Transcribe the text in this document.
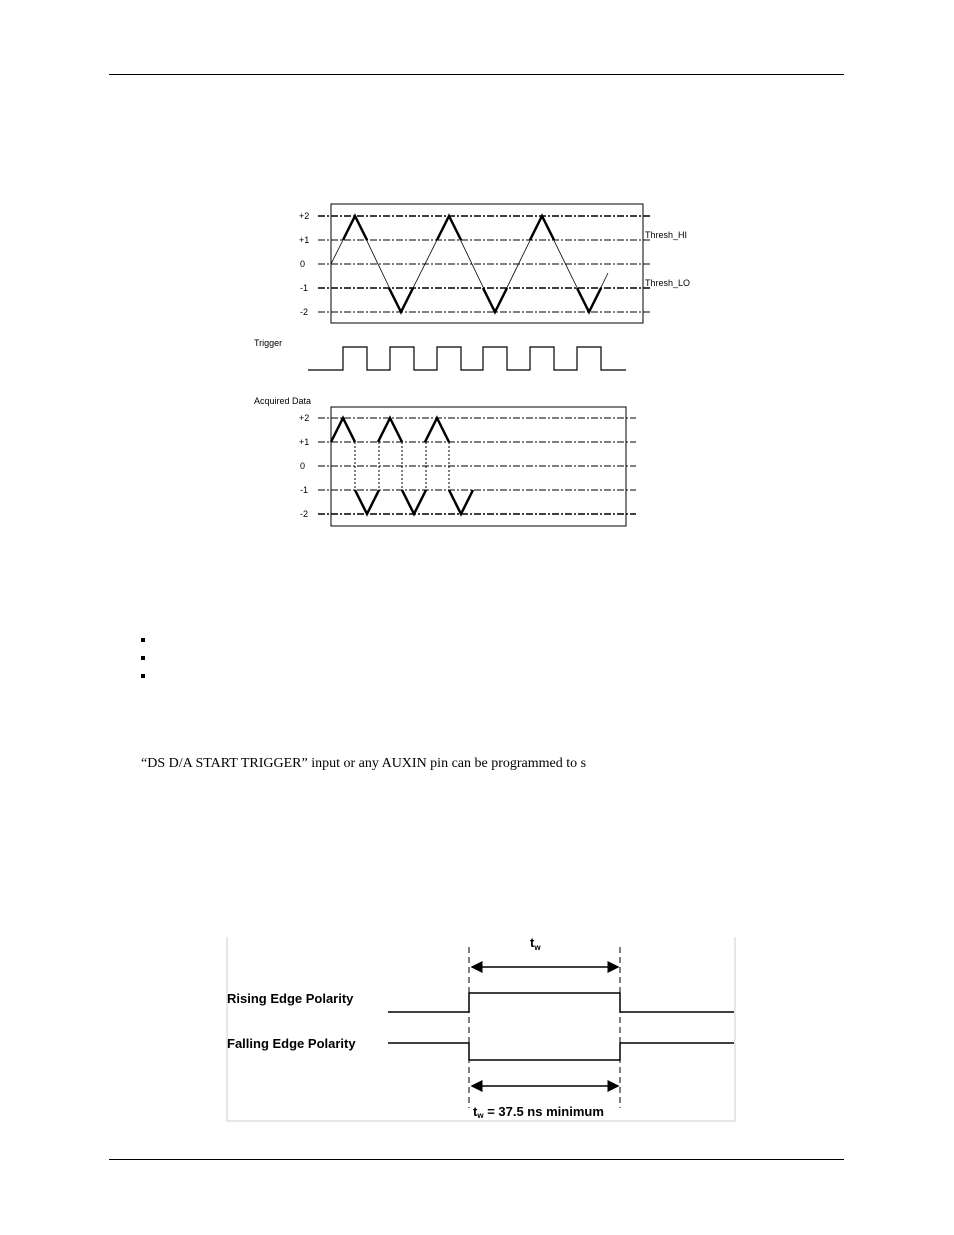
+2
+1
0
-1
-2
Thresh_HI
Thresh_LO
Trigger
Acquired Data
+2
+1
0
-1
-2
“DS D/A START TRIGGER” input or any AUXIN pin can be programmed to s
$t_w$
Rising Edge Polarity
Falling Edge Polarity
tw = 37.5 ns minimum
